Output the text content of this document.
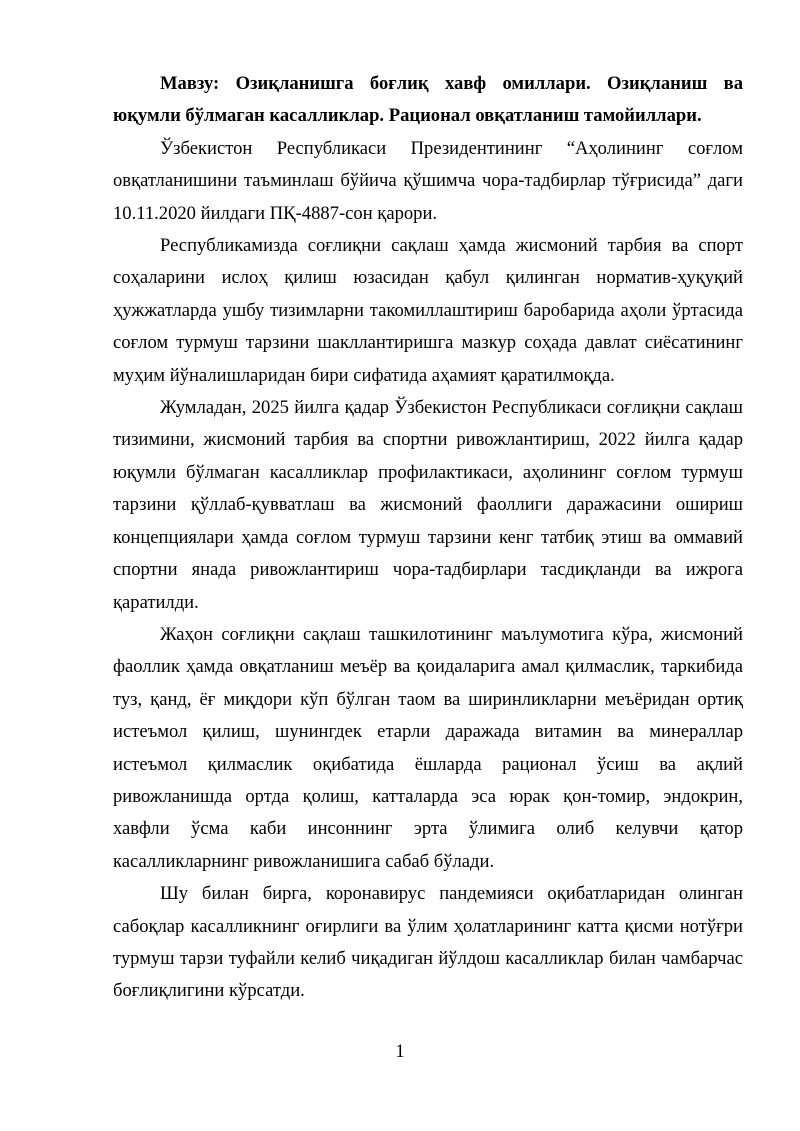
Мавзу: Озиқланишга боғлиқ хавф омиллари. Озиқланиш ва юқумли бўлмаган касалликлар. Рационал овқатланиш тамойиллари.

Ўзбекистон Республикаси Президентининг “Аҳолининг соғлом овқатланишини таъминлаш бўйича қўшимча чора-тадбирлар тўғрисида” даги 10.11.2020 йилдаги ПҚ-4887-сон қарори.

Республикамизда соғлиқни сақлаш ҳамда жисмоний тарбия ва спорт соҳаларини ислоҳ қилиш юзасидан қабул қилинган норматив-ҳуқуқий ҳужжатларда ушбу тизимларни такомиллаштириш баробарида аҳоли ўртасида соғлом турмуш тарзини шакллантиришга мазкур соҳада давлат сиёсатининг муҳим йўналишларидан бири сифатида аҳамият қаратилмоқда.

Жумладан, 2025 йилга қадар Ўзбекистон Республикаси соғлиқни сақлаш тизимини, жисмоний тарбия ва спортни ривожлантириш, 2022 йилга қадар юқумли бўлмаган касалликлар профилактикаси, аҳолининг соғлом турмуш тарзини қўллаб-қувватлаш ва жисмоний фаоллиги даражасини ошириш концепциялари ҳамда соғлом турмуш тарзини кенг татбиқ этиш ва оммавий спортни янада ривожлантириш чора-тадбирлари тасдиқланди ва ижрога қаратилди.

Жаҳон соғлиқни сақлаш ташкилотининг маълумотига кўра, жисмоний фаоллик ҳамда овқатланиш меъёр ва қоидаларига амал қилмаслик, таркибида туз, қанд, ёғ миқдори кўп бўлган таом ва ширинликларни меъёридан ортиқ истеъмол қилиш, шунингдек етарли даражада витамин ва минераллар истеъмол қилмаслик оқибатида ёшларда рационал ўсиш ва ақлий ривожланишда ортда қолиш, катталарда эса юрак қон-томир, эндокрин, хавфли ўсма каби инсоннинг эрта ўлимига олиб келувчи қатор касалликларнинг ривожланишига сабаб бўлади.

Шу билан бирга, коронавирус пандемияси оқибатларидан олинган сабоқлар касалликнинг оғирлиги ва ўлим ҳолатларининг катта қисми нотўғри турмуш тарзи туфайли келиб чиқадиган йўлдош касалликлар билан чамбарчас боғлиқлигини кўрсатди.

1
